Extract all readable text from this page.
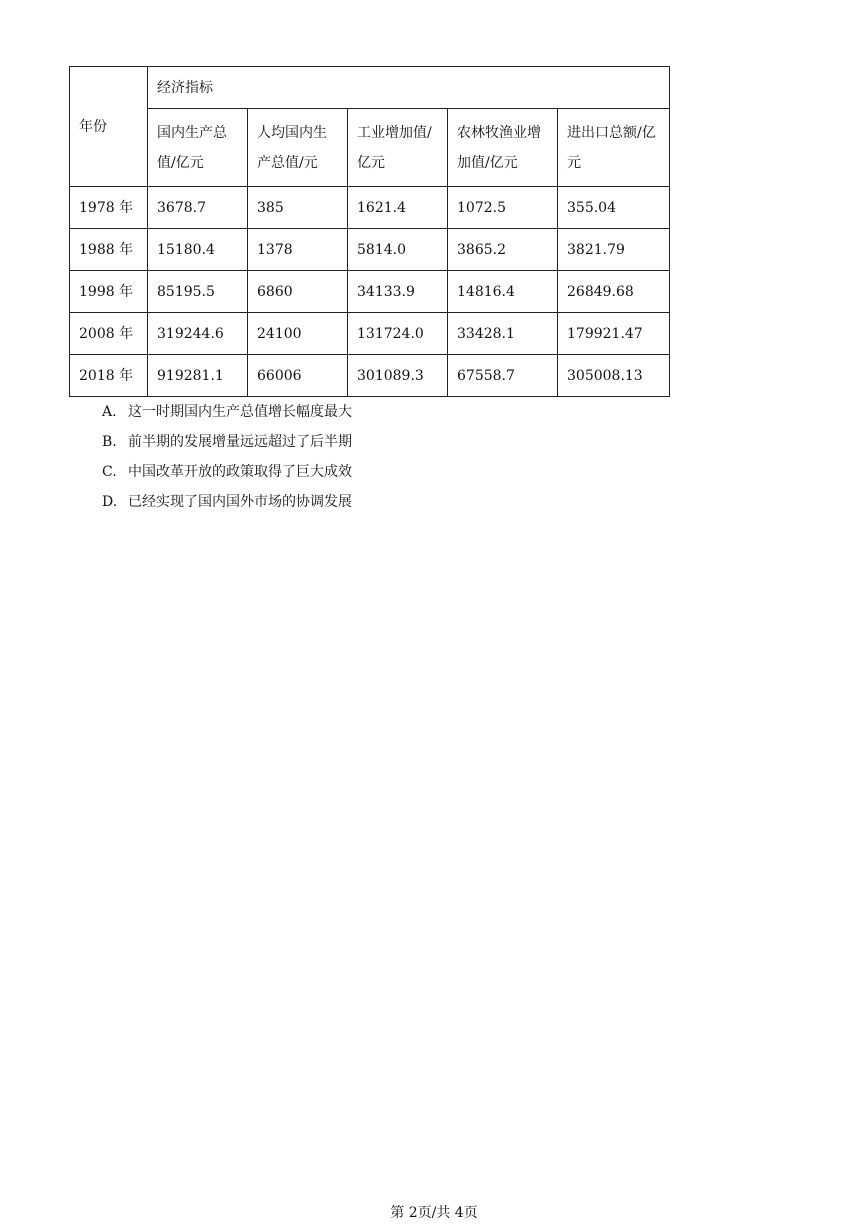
年份	经济指标				
	国内生产总值/亿元	人均国内生产总值/元	工业增加值/亿元	农林牧渔业增加值/亿元	进出口总额/亿元
1978 年	3678.7	385	1621.4	1072.5	355.04
1988 年	15180.4	1378	5814.0	3865.2	3821.79
1998 年	85195.5	6860	34133.9	14816.4	26849.68
2008 年	319244.6	24100	131724.0	33428.1	179921.47
2018 年	919281.1	66006	301089.3	67558.7	305008.13
A. 这一时期国内生产总值增长幅度最大
B. 前半期的发展增量远远超过了后半期
C. 中国改革开放的政策取得了巨大成效
D. 已经实现了国内国外市场的协调发展
第 2页/共 4页
